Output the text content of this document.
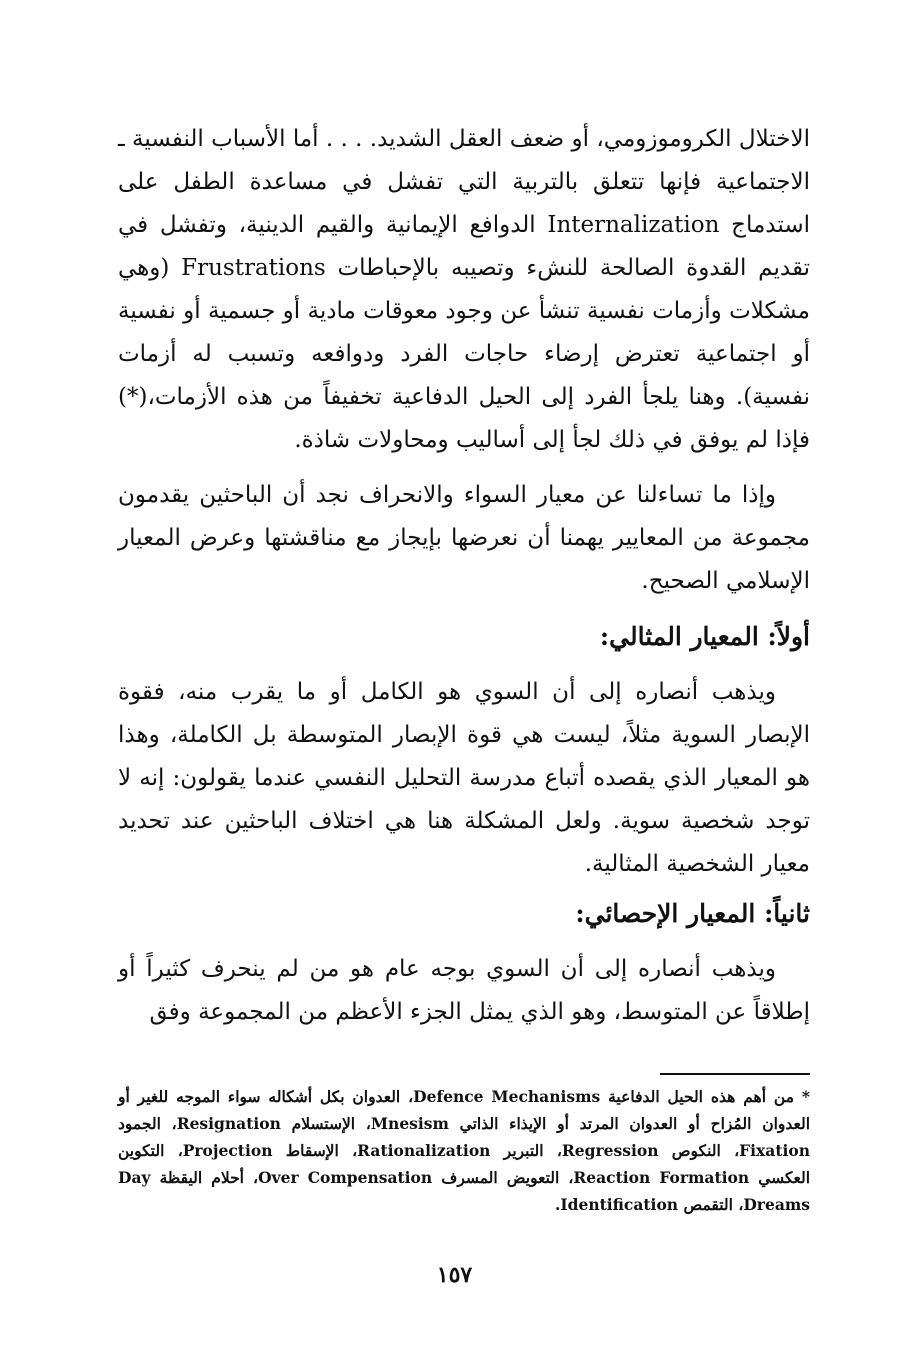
الاختلال الكروموزومي، أو ضعف العقل الشديد. . . . أما الأسباب النفسية ـ الاجتماعية فإنها تتعلق بالتربية التي تفشل في مساعدة الطفل على استدماج Internalization الدوافع الإيمانية والقيم الدينية، وتفشل في تقديم القدوة الصالحة للنشء وتصيبه بالإحباطات Frustrations (وهي مشكلات وأزمات نفسية تنشأ عن وجود معوقات مادية أو جسمية أو نفسية أو اجتماعية تعترض إرضاء حاجات الفرد ودوافعه وتسبب له أزمات نفسية). وهنا يلجأ الفرد إلى الحيل الدفاعية تخفيفاً من هذه الأزمات،(*) فإذا لم يوفق في ذلك لجأ إلى أساليب ومحاولات شاذة.

وإذا ما تساءلنا عن معيار السواء والانحراف نجد أن الباحثين يقدمون مجموعة من المعايير يهمنا أن نعرضها بإيجاز مع مناقشتها وعرض المعيار الإسلامي الصحيح.

أولاً: المعيار المثالي:

ويذهب أنصاره إلى أن السوي هو الكامل أو ما يقرب منه، فقوة الإبصار السوية مثلاً، ليست هي قوة الإبصار المتوسطة بل الكاملة، وهذا هو المعيار الذي يقصده أتباع مدرسة التحليل النفسي عندما يقولون: إنه لا توجد شخصية سوية. ولعل المشكلة هنا هي اختلاف الباحثين عند تحديد معيار الشخصية المثالية.

ثانياً: المعيار الإحصائي:

ويذهب أنصاره إلى أن السوي بوجه عام هو من لم ينحرف كثيراً أو إطلاقاً عن المتوسط، وهو الذي يمثل الجزء الأعظم من المجموعة وفق

* من أهم هذه الحيل الدفاعية Defence Mechanisms، العدوان بكل أشكاله سواء الموجه للغير أو العدوان المُزاح أو العدوان المرتد أو الإيذاء الذاتي Mnesism، الإستسلام Resignation، الجمود Fixation، النكوص Regression، التبرير Rationalization، الإسقاط Projection، التكوين العكسي Reaction Formation، التعويض المسرف Over Compensation، أحلام اليقظة Day Dreams، التقمص Identification.

١٥٧
